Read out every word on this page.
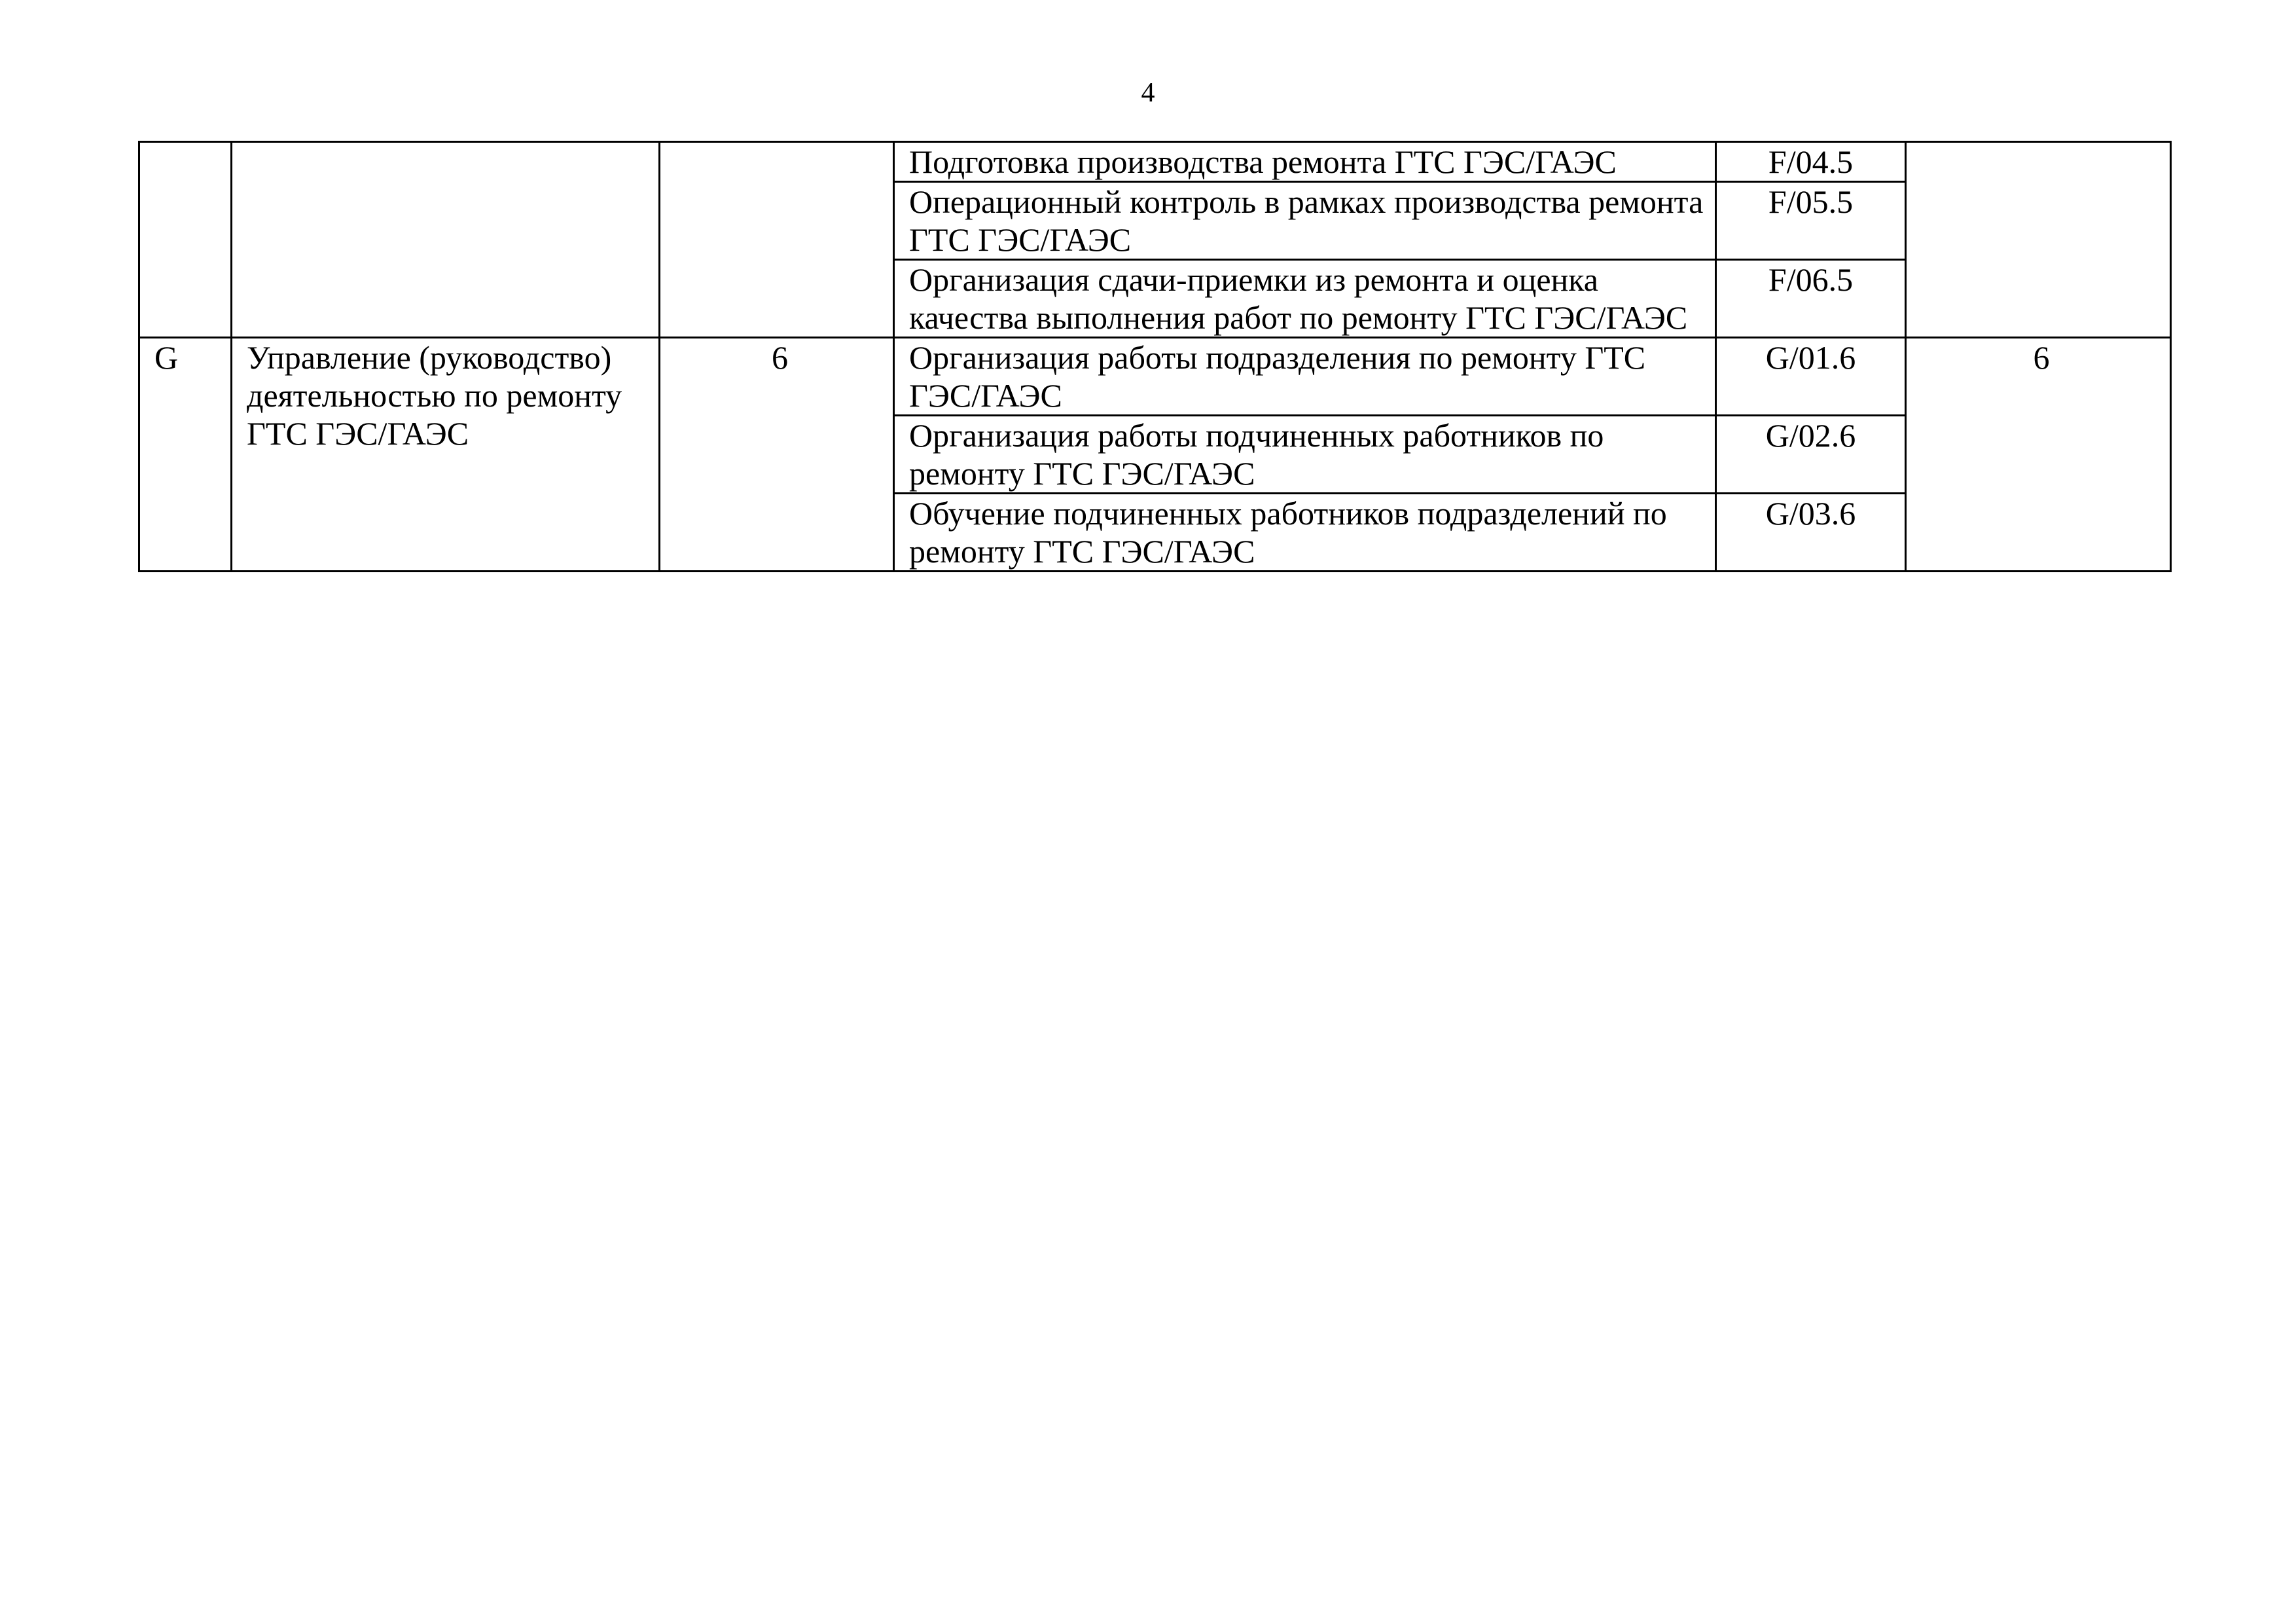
4
			Подготовка производства ремонта ГТС ГЭС/ГАЭС	F/04.5	
			Операционный контроль в рамках производства ремонта ГТС ГЭС/ГАЭС	F/05.5	
			Организация сдачи-приемки из ремонта и оценка качества выполнения работ по ремонту ГТС ГЭС/ГАЭС	F/06.5	
G	Управление (руководство) деятельностью по ремонту ГТС ГЭС/ГАЭС	6	Организация работы подразделения по ремонту ГТС ГЭС/ГАЭС	G/01.6	6
			Организация работы подчиненных работников по ремонту ГТС ГЭС/ГАЭС	G/02.6	
			Обучение подчиненных работников подразделений по ремонту ГТС ГЭС/ГАЭС	G/03.6	
